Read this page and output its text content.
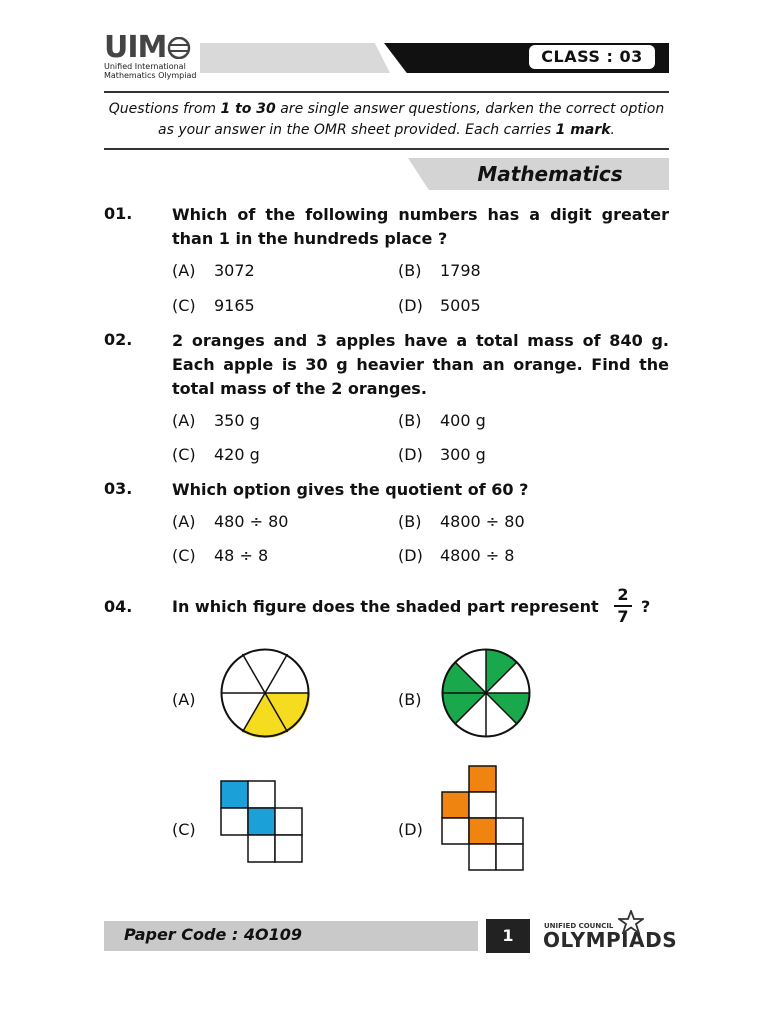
UIM
Unified International
Mathematics Olympiad
CLASS : 03
Questions from 1 to 30 are single answer questions, darken the correct option as your answer in the OMR sheet provided. Each carries 1 mark.
Mathematics
01. Which of the following numbers has a digit greater than 1 in the hundreds place ?
(A) 3072	(B) 1798
(C) 9165	(D) 5005
02. 2 oranges and 3 apples have a total mass of 840 g. Each apple is 30 g heavier than an orange. Find the total mass of the 2 oranges.
(A) 350 g	(B) 400 g
(C) 420 g	(D) 300 g
03. Which option gives the quotient of 60 ?
(A) 480 ÷ 80	(B) 4800 ÷ 80
(C) 48 ÷ 8	(D) 4800 ÷ 8
04. In which figure does the shaded part represent
2
7
?
(A)	(B)
(C)	(D)
Paper Code : 4O109	1	UNIFIED COUNCIL
OLYMPIADS
